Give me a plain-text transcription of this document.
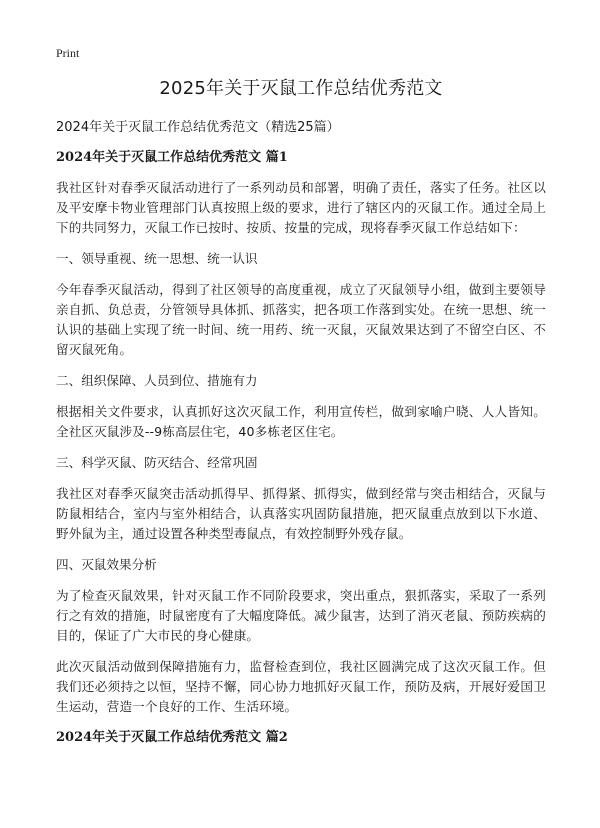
Print
2025年关于灭鼠工作总结优秀范文

2024年关于灭鼠工作总结优秀范文（精选25篇）

2024年关于灭鼠工作总结优秀范文 篇1

我社区针对春季灭鼠活动进行了一系列动员和部署，明确了责任，落实了任务。社区以及平安摩卡物业管理部门认真按照上级的要求，进行了辖区内的灭鼠工作。通过全局上下的共同努力，灭鼠工作已按时、按质、按量的完成，现将春季灭鼠工作总结如下：

一、领导重视、统一思想、统一认识

今年春季灭鼠活动，得到了社区领导的高度重视，成立了灭鼠领导小组，做到主要领导亲自抓、负总责，分管领导具体抓、抓落实，把各项工作落到实处。在统一思想、统一认识的基础上实现了统一时间、统一用药、统一灭鼠，灭鼠效果达到了不留空白区、不留灭鼠死角。

二、组织保障、人员到位、措施有力

根据相关文件要求，认真抓好这次灭鼠工作，利用宣传栏，做到家喻户晓、人人皆知。全社区灭鼠涉及--9栋高层住宅，40多栋老区住宅。

三、科学灭鼠、防灭结合、经常巩固

我社区对春季灭鼠突击活动抓得早、抓得紧、抓得实，做到经常与突击相结合，灭鼠与防鼠相结合，室内与室外相结合，认真落实巩固防鼠措施，把灭鼠重点放到以下水道、野外鼠为主，通过设置各种类型毒鼠点，有效控制野外残存鼠。

四、灭鼠效果分析

为了检查灭鼠效果，针对灭鼠工作不同阶段要求，突出重点，狠抓落实，采取了一系列行之有效的措施，时鼠密度有了大幅度降低。减少鼠害，达到了消灭老鼠、预防疾病的目的，保证了广大市民的身心健康。

此次灭鼠活动做到保障措施有力，监督检查到位，我社区圆满完成了这次灭鼠工作。但我们还必须持之以恒，坚持不懈，同心协力地抓好灭鼠工作，预防及病，开展好爱国卫生运动，营造一个良好的工作、生活环境。

2024年关于灭鼠工作总结优秀范文 篇2
